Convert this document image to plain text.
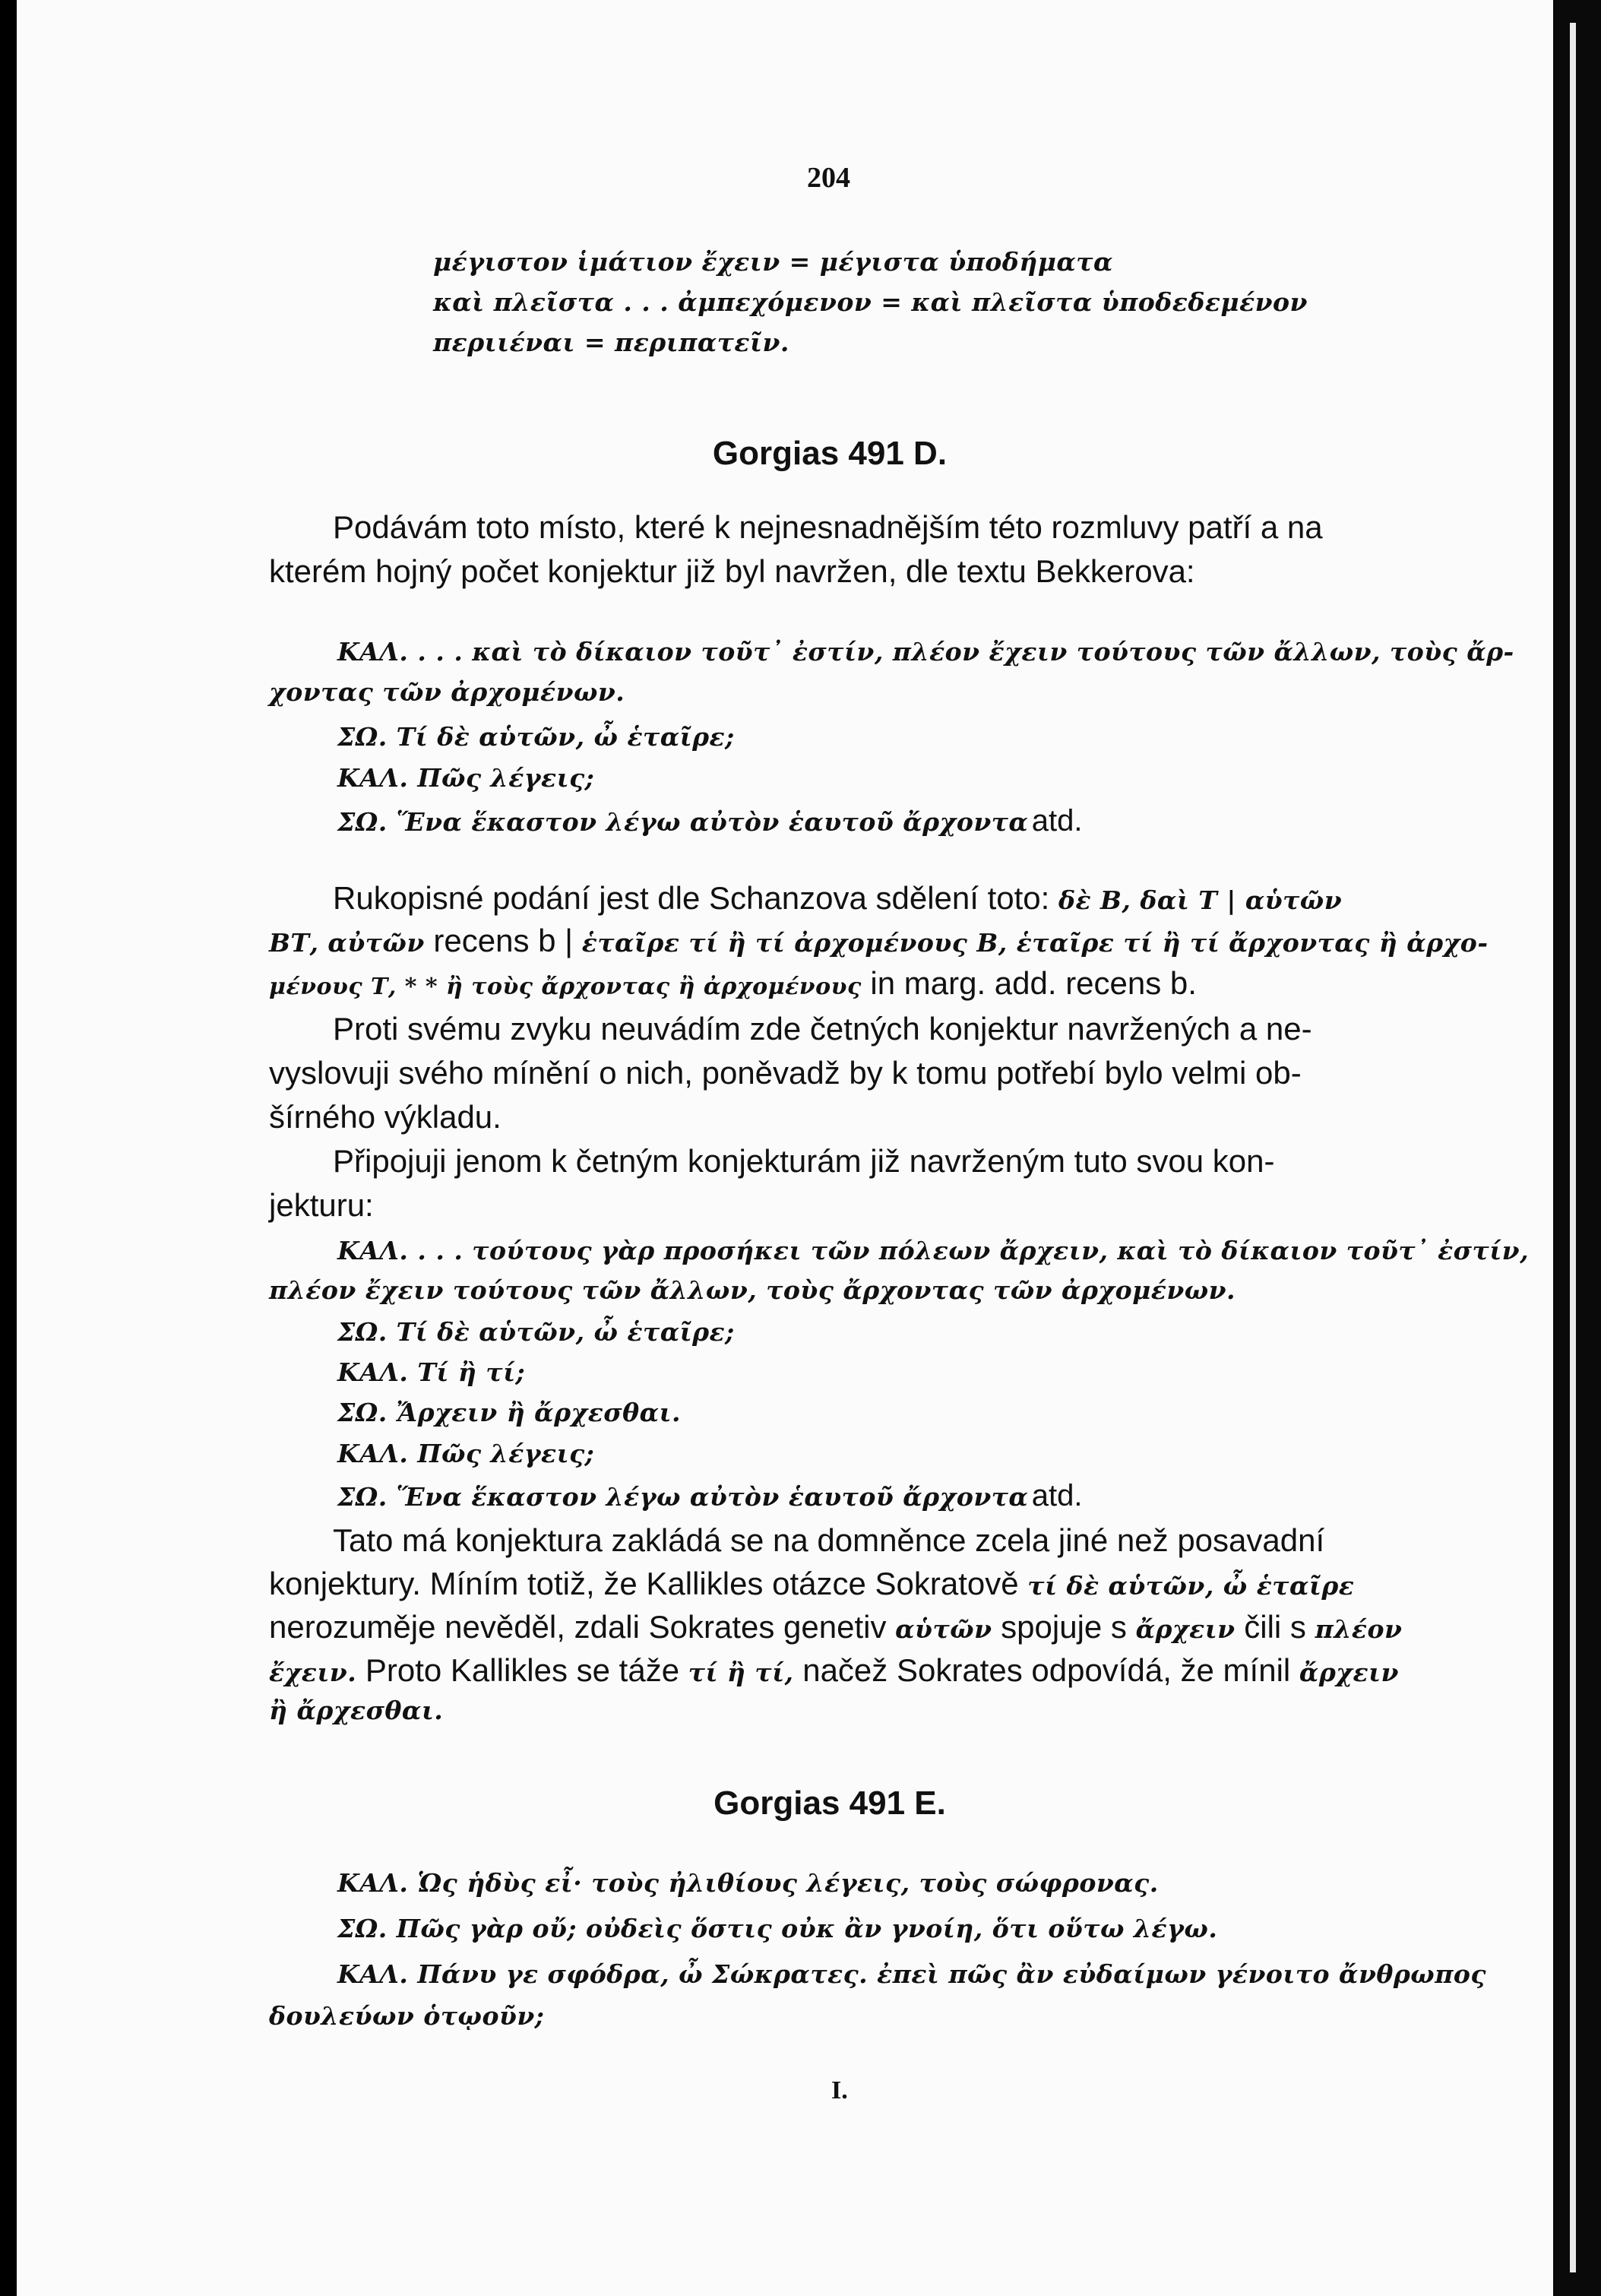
204
μέγιστον ἱμάτιον ἔχειν = μέγιστα ὑποδήματα
καὶ πλεῖστα . . . ἀμπεχόμενον = καὶ πλεῖστα ὑποδεδεμένον
περιιέναι = περιπατεῖν.
Gorgias 491 D.
Podávám toto místo, které k nejnesnadnějším této rozmluvy patří a na
kterém hojný počet konjektur již byl navržen, dle textu Bekkerova:
ΚΑΛ. . . . καὶ τὸ δίκαιον τοῦτ᾽ ἐστίν, πλέον ἔχειν τούτους τῶν ἄλλων, τοὺς ἄρ-
χοντας τῶν ἀρχομένων.
ΣΩ. Τί δὲ αὑτῶν, ὦ ἑταῖρε;
ΚΑΛ. Πῶς λέγεις;
ΣΩ. Ἕνα ἕκαστον λέγω αὐτὸν ἑαυτοῦ ἄρχοντα atd.
Rukopisné podání jest dle Schanzova sdělení toto: δὲ Β, δαὶ Τ | αὑτῶν
ΒΤ, αὐτῶν recens b | ἑταῖρε τί ἢ τί ἀρχομένους Β, ἑταῖρε τί ἢ τί ἄρχοντας ἢ ἀρχο-
μένους Τ, * * ἢ τοὺς ἄρχοντας ἢ ἀρχομένους in marg. add. recens b.
Proti svému zvyku neuvádím zde četných konjektur navržených a ne-
vyslovuji svého mínění o nich, poněvadž by k tomu potřebí bylo velmi ob-
šírného výkladu.
Připojuji jenom k četným konjekturám již navrženým tuto svou kon-
jekturu:
ΚΑΛ. . . . τούτους γὰρ προσήκει τῶν πόλεων ἄρχειν, καὶ τὸ δίκαιον τοῦτ᾽ ἐστίν,
πλέον ἔχειν τούτους τῶν ἄλλων, τοὺς ἄρχοντας τῶν ἀρχομένων.
ΣΩ. Τί δὲ αὑτῶν, ὦ ἑταῖρε;
ΚΑΛ. Τί ἢ τί;
ΣΩ. Ἄρχειν ἢ ἄρχεσθαι.
ΚΑΛ. Πῶς λέγεις;
ΣΩ. Ἕνα ἕκαστον λέγω αὐτὸν ἑαυτοῦ ἄρχοντα atd.
Tato má konjektura zakládá se na domněnce zcela jiné než posavadní
konjektury. Míním totiž, že Kallikles otázce Sokratově τί δὲ αὑτῶν, ὦ ἑταῖρε
nerozuměje nevěděl, zdali Sokrates genetiv αὑτῶν spojuje s ἄρχειν čili s πλέον
ἔχειν. Proto Kallikles se táže τί ἢ τί, načež Sokrates odpovídá, že mínil ἄρχειν
ἢ ἄρχεσθαι.
Gorgias 491 E.
ΚΑΛ. Ὡς ἡδὺς εἶ· τοὺς ἠλιθίους λέγεις, τοὺς σώφρονας.
ΣΩ. Πῶς γὰρ οὔ; οὐδεὶς ὅστις οὐκ ἂν γνοίη, ὅτι οὕτω λέγω.
ΚΑΛ. Πάνυ γε σφόδρα, ὦ Σώκρατες. ἐπεὶ πῶς ἂν εὐδαίμων γένοιτο ἄνθρωπος
δουλεύων ὁτῳοῦν;
I.
